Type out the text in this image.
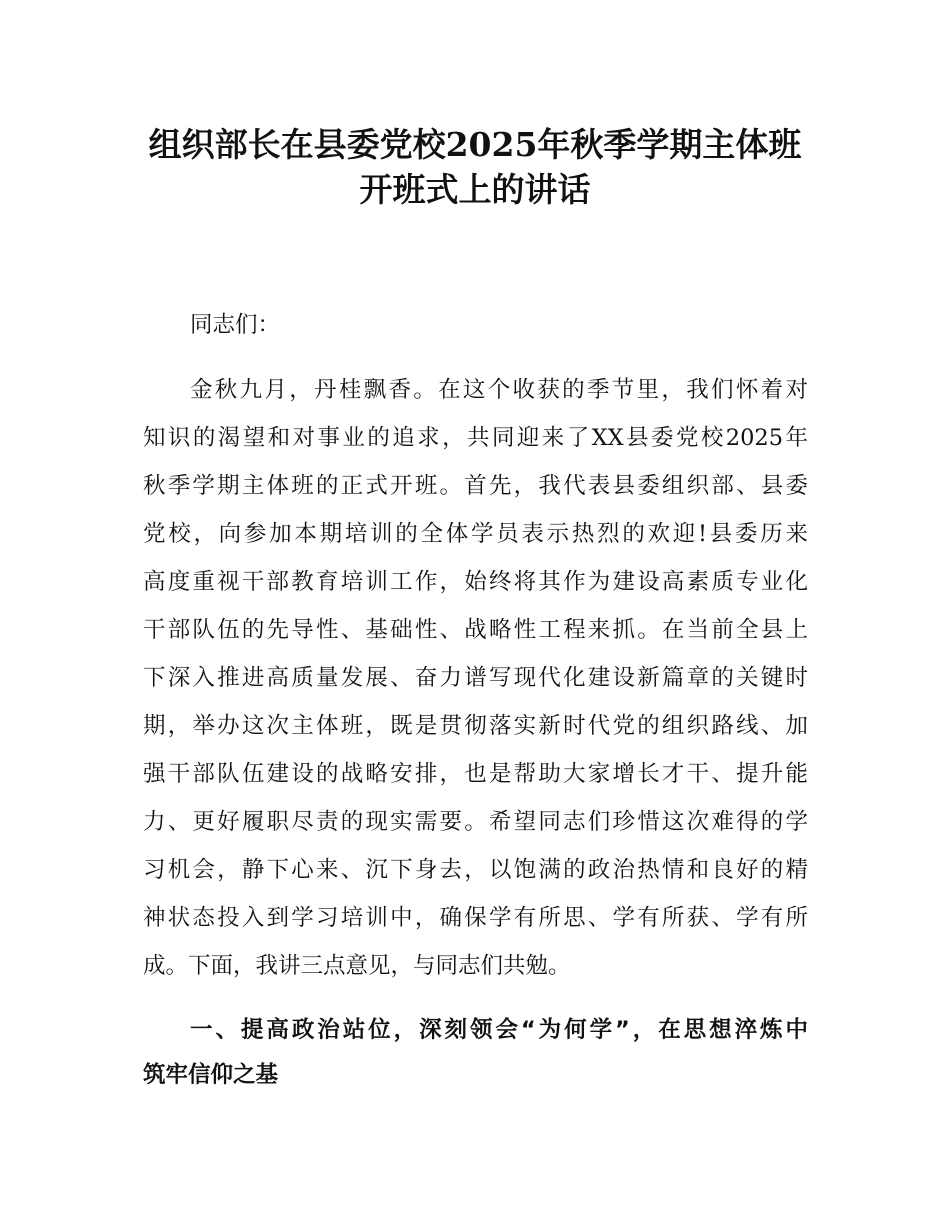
组织部长在县委党校2025年秋季学期主体班
开班式上的讲话
同志们：
金秋九月，丹桂飘香。在这个收获的季节里，我们怀着对
知识的渴望和对事业的追求，共同迎来了XX县委党校2025年
秋季学期主体班的正式开班。首先，我代表县委组织部、县委
党校，向参加本期培训的全体学员表示热烈的欢迎!县委历来
高度重视干部教育培训工作，始终将其作为建设高素质专业化
干部队伍的先导性、基础性、战略性工程来抓。在当前全县上
下深入推进高质量发展、奋力谱写现代化建设新篇章的关键时
期，举办这次主体班，既是贯彻落实新时代党的组织路线、加
强干部队伍建设的战略安排，也是帮助大家增长才干、提升能
力、更好履职尽责的现实需要。希望同志们珍惜这次难得的学
习机会，静下心来、沉下身去，以饱满的政治热情和良好的精
神状态投入到学习培训中，确保学有所思、学有所获、学有所
成。下面，我讲三点意见，与同志们共勉。
一、提高政治站位，深刻领会“为何学”，在思想淬炼中
筑牢信仰之基
